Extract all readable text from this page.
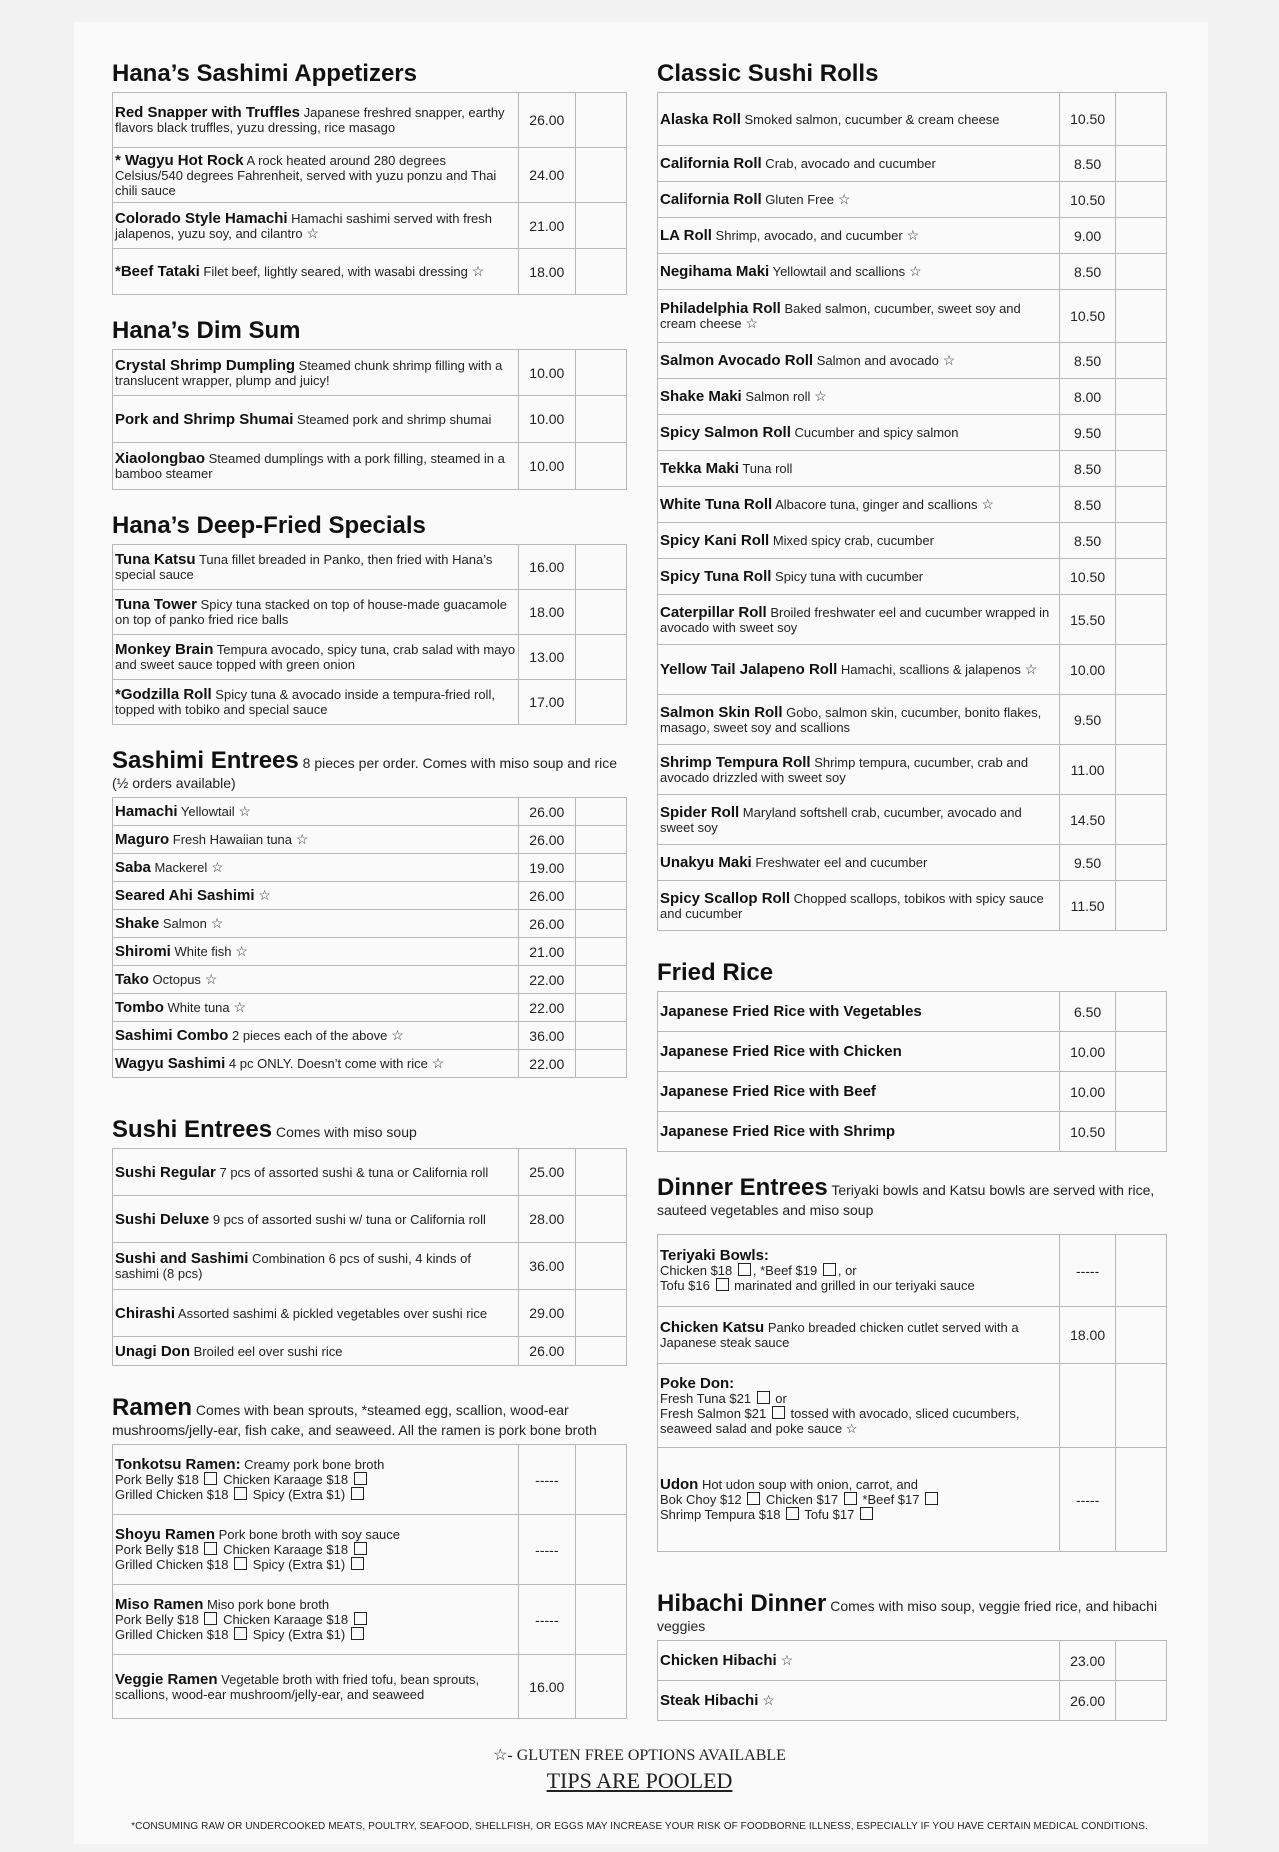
Hana’s Sashimi Appetizers
Red Snapper with Truffles Japanese freshred snapper, earthy flavors black truffles, yuzu dressing, rice masago	26.00	
* Wagyu Hot Rock A rock heated around 280 degrees Celsius/540 degrees Fahrenheit, served with yuzu ponzu and Thai chili sauce	24.00	
Colorado Style Hamachi Hamachi sashimi served with fresh jalapenos, yuzu soy, and cilantro ☆	21.00	
*Beef Tataki Filet beef, lightly seared, with wasabi dressing ☆	18.00	
Hana’s Dim Sum
Crystal Shrimp Dumpling Steamed chunk shrimp filling with a translucent wrapper, plump and juicy!	10.00	
Pork and Shrimp Shumai Steamed pork and shrimp shumai	10.00	
Xiaolongbao Steamed dumplings with a pork filling, steamed in a bamboo steamer	10.00	
Hana’s Deep-Fried Specials
Tuna Katsu Tuna fillet breaded in Panko, then fried with Hana’s special sauce	16.00	
Tuna Tower Spicy tuna stacked on top of house-made guacamole on top of panko fried rice balls	18.00	
Monkey Brain Tempura avocado, spicy tuna, crab salad with mayo and sweet sauce topped with green onion	13.00	
*Godzilla Roll Spicy tuna & avocado inside a tempura-fried roll, topped with tobiko and special sauce	17.00	
Sashimi Entrees 8 pieces per order. Comes with miso soup and rice (½ orders available)
Hamachi Yellowtail ☆	26.00	
Maguro Fresh Hawaiian tuna ☆	26.00	
Saba Mackerel ☆	19.00	
Seared Ahi Sashimi ☆	26.00	
Shake Salmon ☆	26.00	
Shiromi White fish ☆	21.00	
Tako Octopus ☆	22.00	
Tombo White tuna ☆	22.00	
Sashimi Combo 2 pieces each of the above ☆	36.00	
Wagyu Sashimi 4 pc ONLY. Doesn’t come with rice ☆	22.00	
Sushi Entrees Comes with miso soup
Sushi Regular 7 pcs of assorted sushi & tuna or California roll	25.00	
Sushi Deluxe 9 pcs of assorted sushi w/ tuna or California roll	28.00	
Sushi and Sashimi Combination 6 pcs of sushi, 4 kinds of sashimi (8 pcs)	36.00	
Chirashi Assorted sashimi & pickled vegetables over sushi rice	29.00	
Unagi Don Broiled eel over sushi rice	26.00	
Ramen Comes with bean sprouts, *steamed egg, scallion, wood-ear mushrooms/jelly-ear, fish cake, and seaweed. All the ramen is pork bone broth
Tonkotsu Ramen: Creamy pork bone broth
Pork Belly $18  Chicken Karaage $18
Grilled Chicken $18  Spicy (Extra $1)	-----	
Shoyu Ramen Pork bone broth with soy sauce
Pork Belly $18  Chicken Karaage $18
Grilled Chicken $18  Spicy (Extra $1)	-----	
Miso Ramen Miso pork bone broth
Pork Belly $18  Chicken Karaage $18
Grilled Chicken $18  Spicy (Extra $1)	-----	
Veggie Ramen Vegetable broth with fried tofu, bean sprouts, scallions, wood-ear mushroom/jelly-ear, and seaweed	16.00	
Classic Sushi Rolls
Alaska Roll Smoked salmon, cucumber & cream cheese	10.50	
California Roll Crab, avocado and cucumber	8.50	
California Roll Gluten Free ☆	10.50	
LA Roll Shrimp, avocado, and cucumber ☆	9.00	
Negihama Maki Yellowtail and scallions ☆	8.50	
Philadelphia Roll Baked salmon, cucumber, sweet soy and cream cheese ☆	10.50	
Salmon Avocado Roll Salmon and avocado ☆	8.50	
Shake Maki Salmon roll ☆	8.00	
Spicy Salmon Roll Cucumber and spicy salmon	9.50	
Tekka Maki Tuna roll	8.50	
White Tuna Roll Albacore tuna, ginger and scallions ☆	8.50	
Spicy Kani Roll Mixed spicy crab, cucumber	8.50	
Spicy Tuna Roll Spicy tuna with cucumber	10.50	
Caterpillar Roll Broiled freshwater eel and cucumber wrapped in avocado with sweet soy	15.50	
Yellow Tail Jalapeno Roll Hamachi, scallions & jalapenos ☆	10.00	
Salmon Skin Roll Gobo, salmon skin, cucumber, bonito flakes, masago, sweet soy and scallions	9.50	
Shrimp Tempura Roll Shrimp tempura, cucumber, crab and avocado drizzled with sweet soy	11.00	
Spider Roll Maryland softshell crab, cucumber, avocado and sweet soy	14.50	
Unakyu Maki Freshwater eel and cucumber	9.50	
Spicy Scallop Roll Chopped scallops, tobikos with spicy sauce and cucumber	11.50	
Fried Rice
Japanese Fried Rice with Vegetables	6.50	
Japanese Fried Rice with Chicken	10.00	
Japanese Fried Rice with Beef	10.00	
Japanese Fried Rice with Shrimp	10.50	
Dinner Entrees Teriyaki bowls and Katsu bowls are served with rice, sauteed vegetables and miso soup
Teriyaki Bowls:
Chicken $18 , *Beef $19 , or
Tofu $16  marinated and grilled in our teriyaki sauce	-----	
Chicken Katsu Panko breaded chicken cutlet served with a Japanese steak sauce	18.00	
Poke Don:
Fresh Tuna $21  or
Fresh Salmon $21  tossed with avocado, sliced cucumbers, seaweed salad and poke sauce ☆		

Udon Hot udon soup with onion, carrot, and
Bok Choy $12  Chicken $17  *Beef $17
Shrimp Tempura $18  Tofu $17	-----	
Hibachi Dinner Comes with miso soup, veggie fried rice, and hibachi veggies
Chicken Hibachi ☆	23.00	
Steak Hibachi ☆	26.00	
☆- GLUTEN FREE OPTIONS AVAILABLE
TIPS ARE POOLED
*CONSUMING RAW OR UNDERCOOKED MEATS, POULTRY, SEAFOOD, SHELLFISH, OR EGGS MAY INCREASE YOUR RISK OF FOODBORNE ILLNESS, ESPECIALLY IF YOU HAVE CERTAIN MEDICAL CONDITIONS.
